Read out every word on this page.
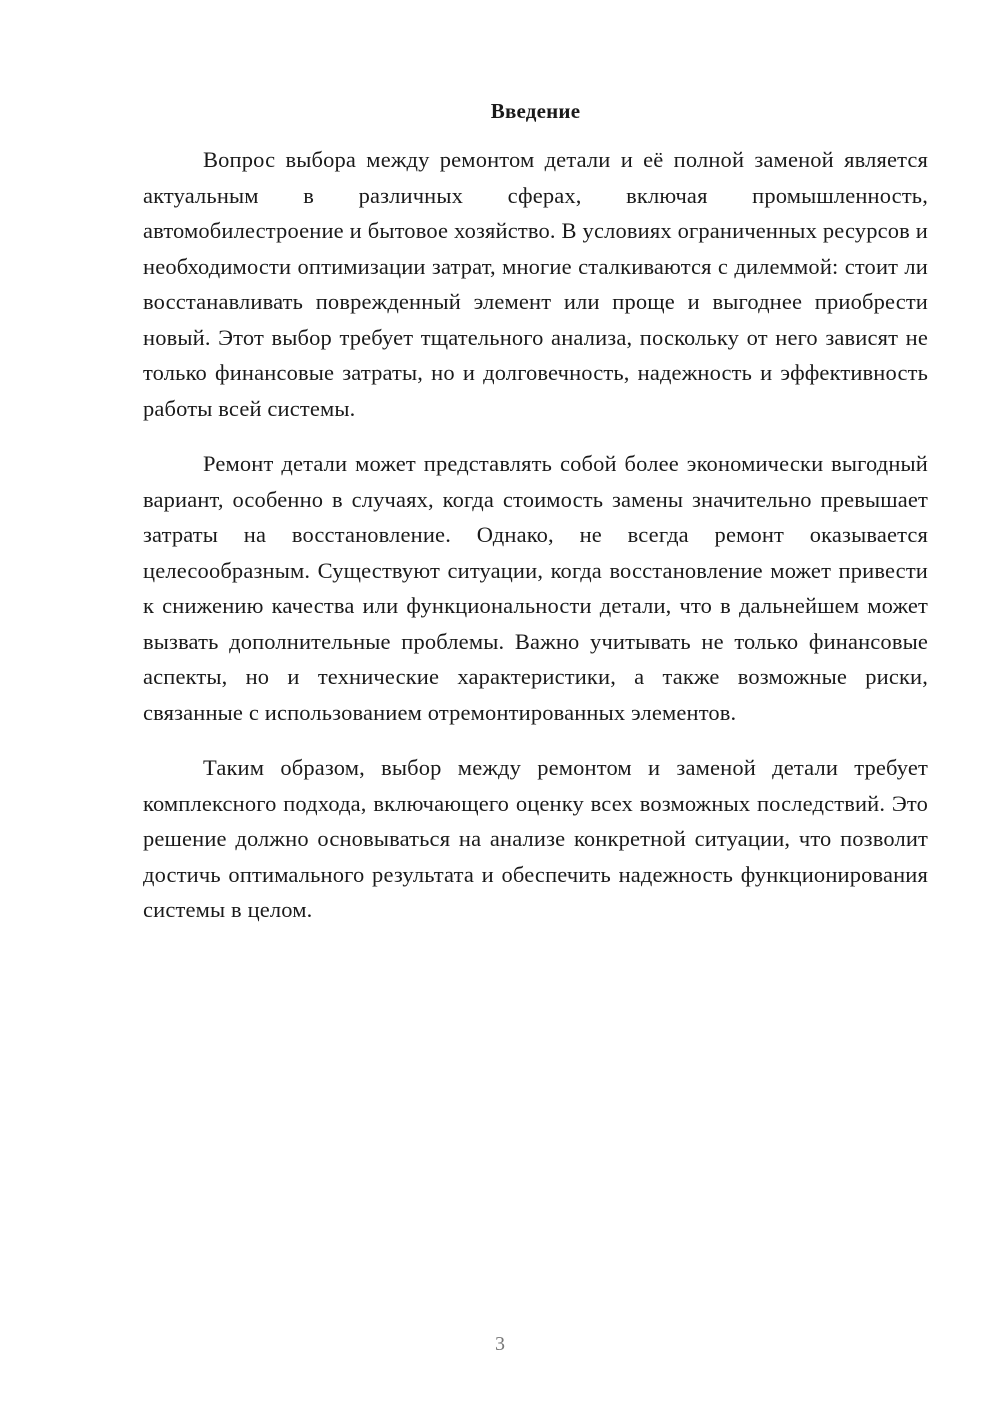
Введение

Вопрос выбора между ремонтом детали и её полной заменой является актуальным в различных сферах, включая промышленность, автомобилестроение и бытовое хозяйство. В условиях ограниченных ресурсов и необходимости оптимизации затрат, многие сталкиваются с дилеммой: стоит ли восстанавливать поврежденный элемент или проще и выгоднее приобрести новый. Этот выбор требует тщательного анализа, поскольку от него зависят не только финансовые затраты, но и долговечность, надежность и эффективность работы всей системы.

Ремонт детали может представлять собой более экономически выгодный вариант, особенно в случаях, когда стоимость замены значительно превышает затраты на восстановление. Однако, не всегда ремонт оказывается целесообразным. Существуют ситуации, когда восстановление может привести к снижению качества или функциональности детали, что в дальнейшем может вызвать дополнительные проблемы. Важно учитывать не только финансовые аспекты, но и технические характеристики, а также возможные риски, связанные с использованием отремонтированных элементов.

Таким образом, выбор между ремонтом и заменой детали требует комплексного подхода, включающего оценку всех возможных последствий. Это решение должно основываться на анализе конкретной ситуации, что позволит достичь оптимального результата и обеспечить надежность функционирования системы в целом.

3
